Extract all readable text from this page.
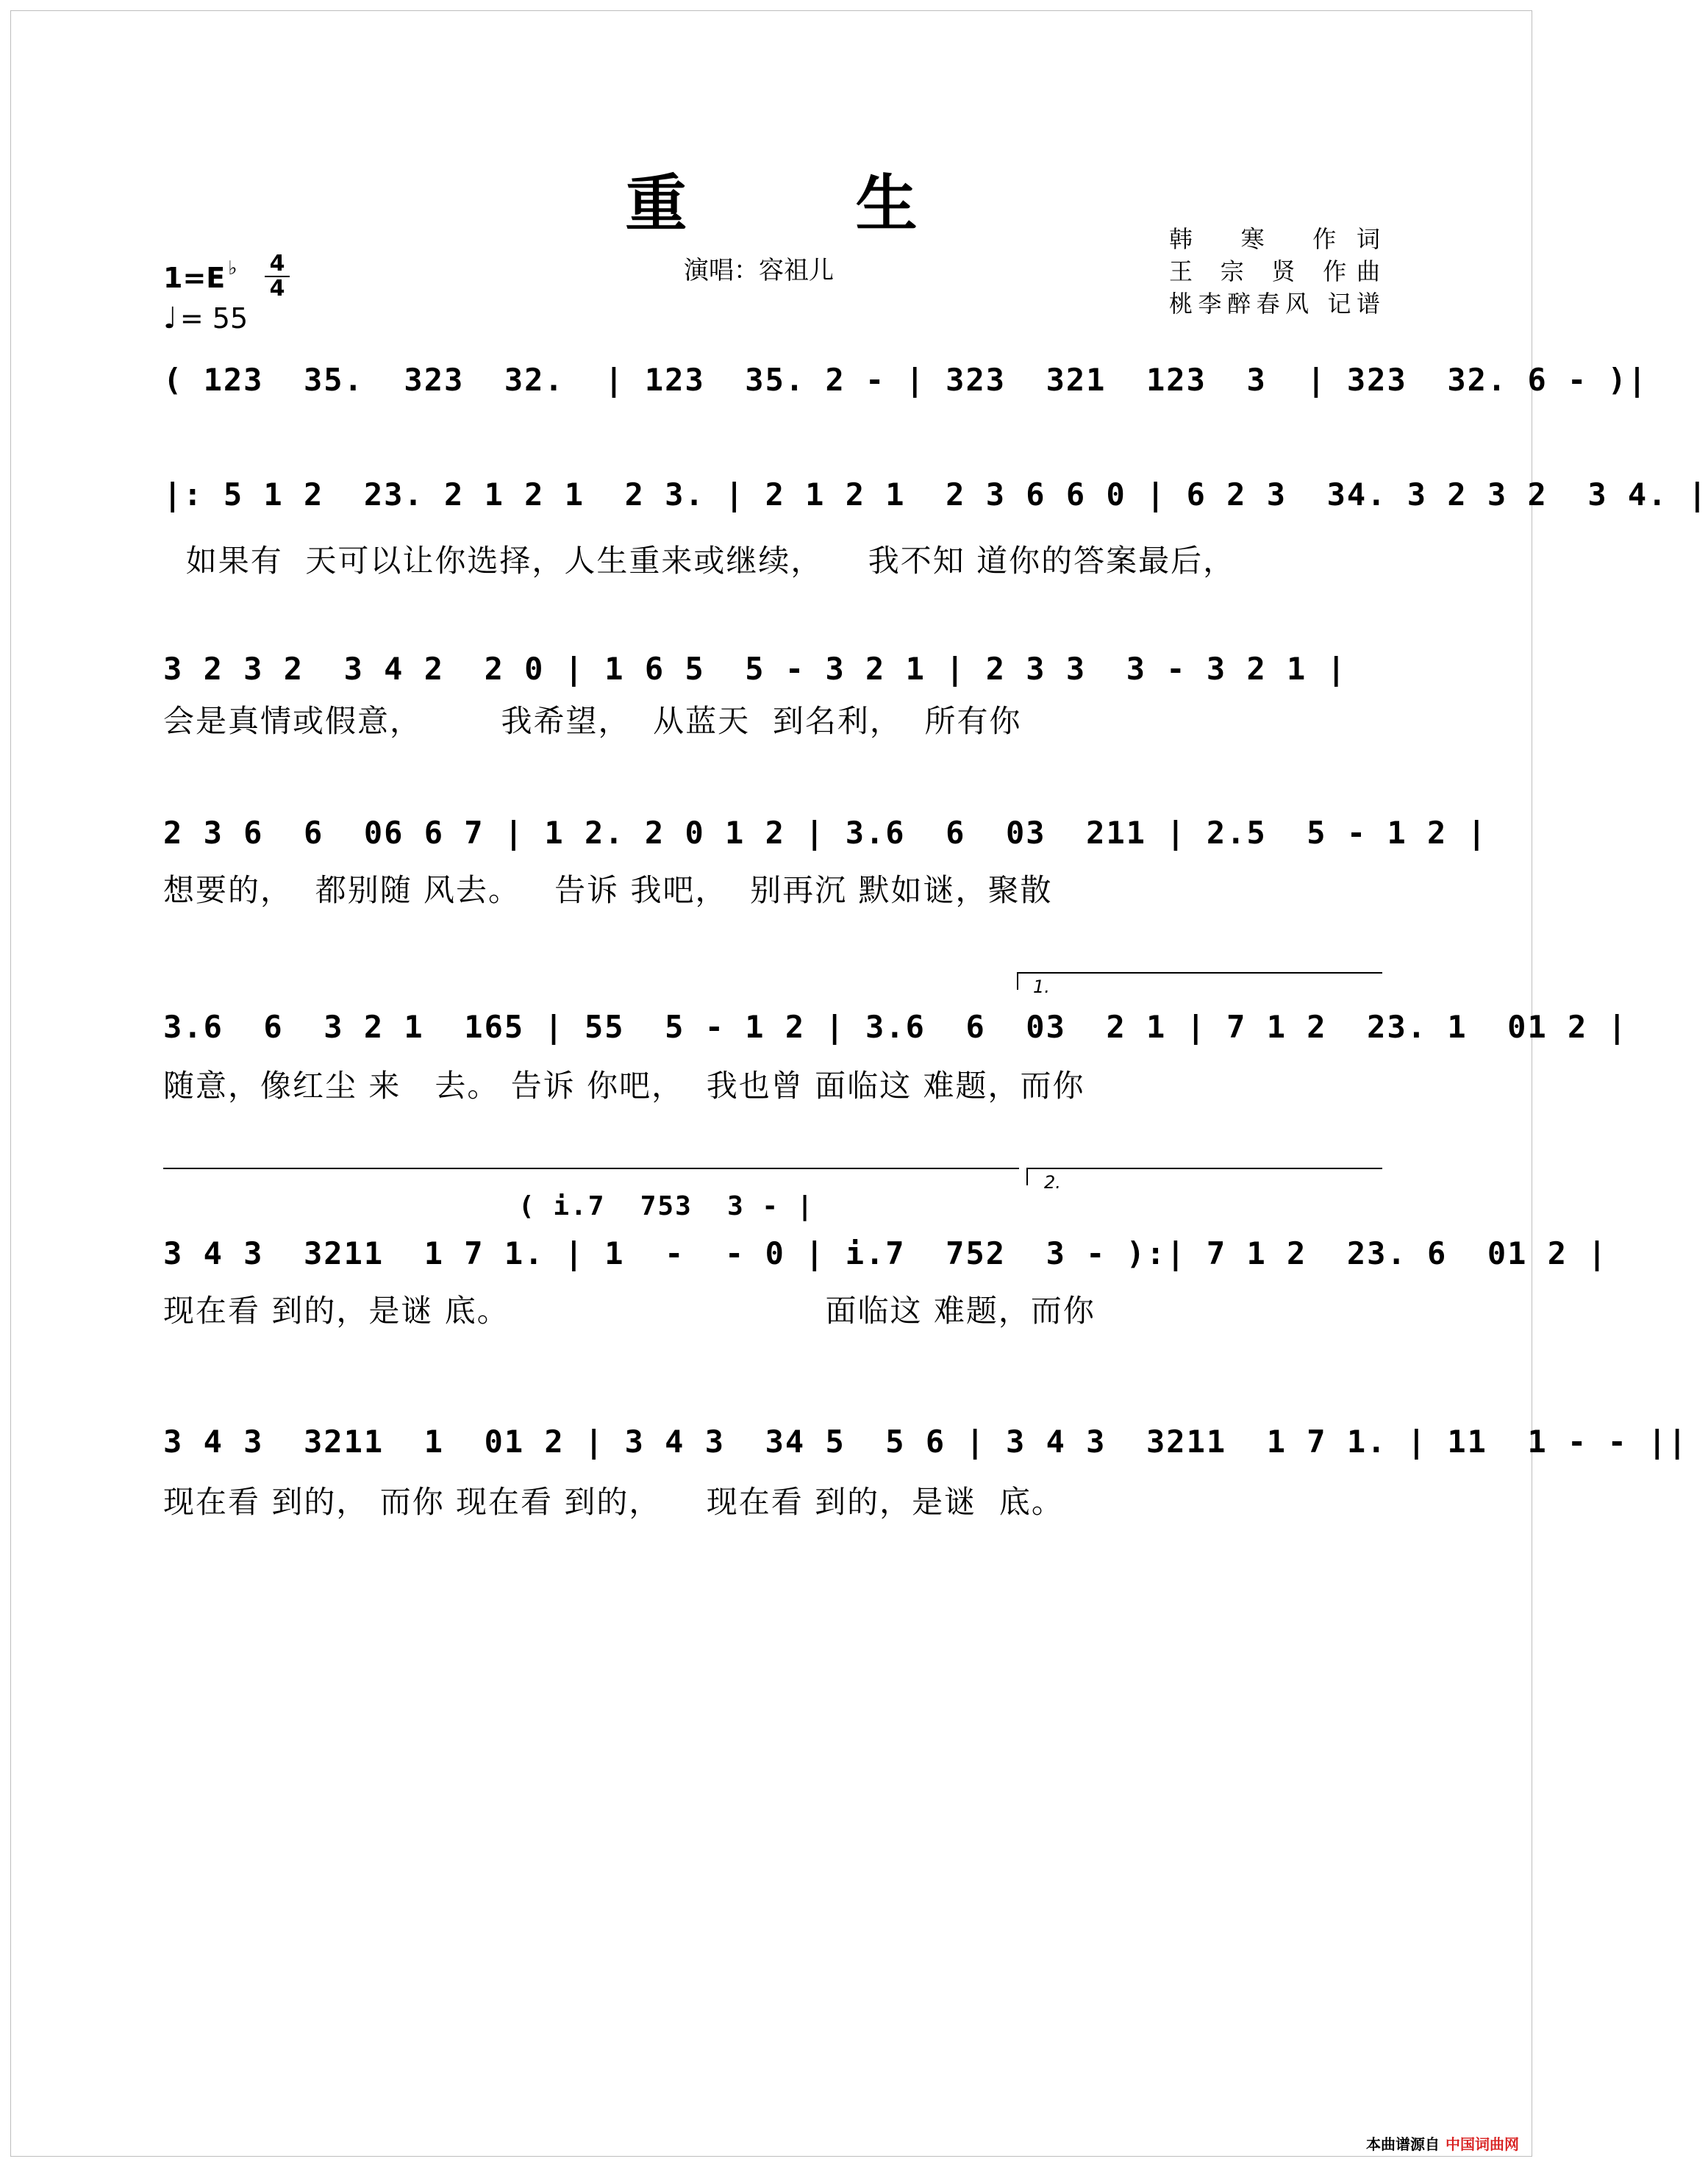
重 生
演唱：容祖儿
韩 寒 作词
王 宗 贤 作曲
桃李醉春风 记谱
1=E ♭ 4
4
♩ = 55
( 123  35.  323  32.  | 123  35. 2 - | 323  321  123  3  | 323  32. 6 - )|
|: 5 1 2  23. 2 1 2 1  2 3. | 2 1 2 1  2 3 6 6 0 | 6 2 3  34. 3 2 3 2  3 4. |
如果有  天可以让你选择，人生重来或继续，    我不知 道你的答案最后，
3 2 3 2  3 4 2  2 0 | 1 6 5  5 - 3 2 1 | 2 3 3  3 - 3 2 1 |
会是真情或假意，       我希望，  从蓝天  到名利，  所有你
2 3 6  6  06 6 7 | 1 2. 2 0 1 2 | 3.6  6  03  211 | 2.5  5 - 1 2 |
想要的，  都别随 风去。   告诉 我吧，  别再沉 默如谜，聚散
1.
3.6  6  3 2 1  165 | 55  5 - 1 2 | 3.6  6  03  2 1 | 7 1 2  23. 1  01 2 |
随意，像红尘 来   去。 告诉 你吧，  我也曾 面临这 难题，而你
2.
( i.7  753  3 - |
3 4 3  3211  1 7 1. | 1  -  - 0 | i.7  752  3 - ):| 7 1 2  23. 6  01 2 |
现在看 到的，是谜 底。                            面临这 难题，而你
3 4 3  3211  1  01 2 | 3 4 3  34 5  5 6 | 3 4 3  3211  1 7 1. | 11  1 - - ||
现在看 到的， 而你 现在看 到的，    现在看 到的，是谜  底。
本曲谱源自 中国词曲网
